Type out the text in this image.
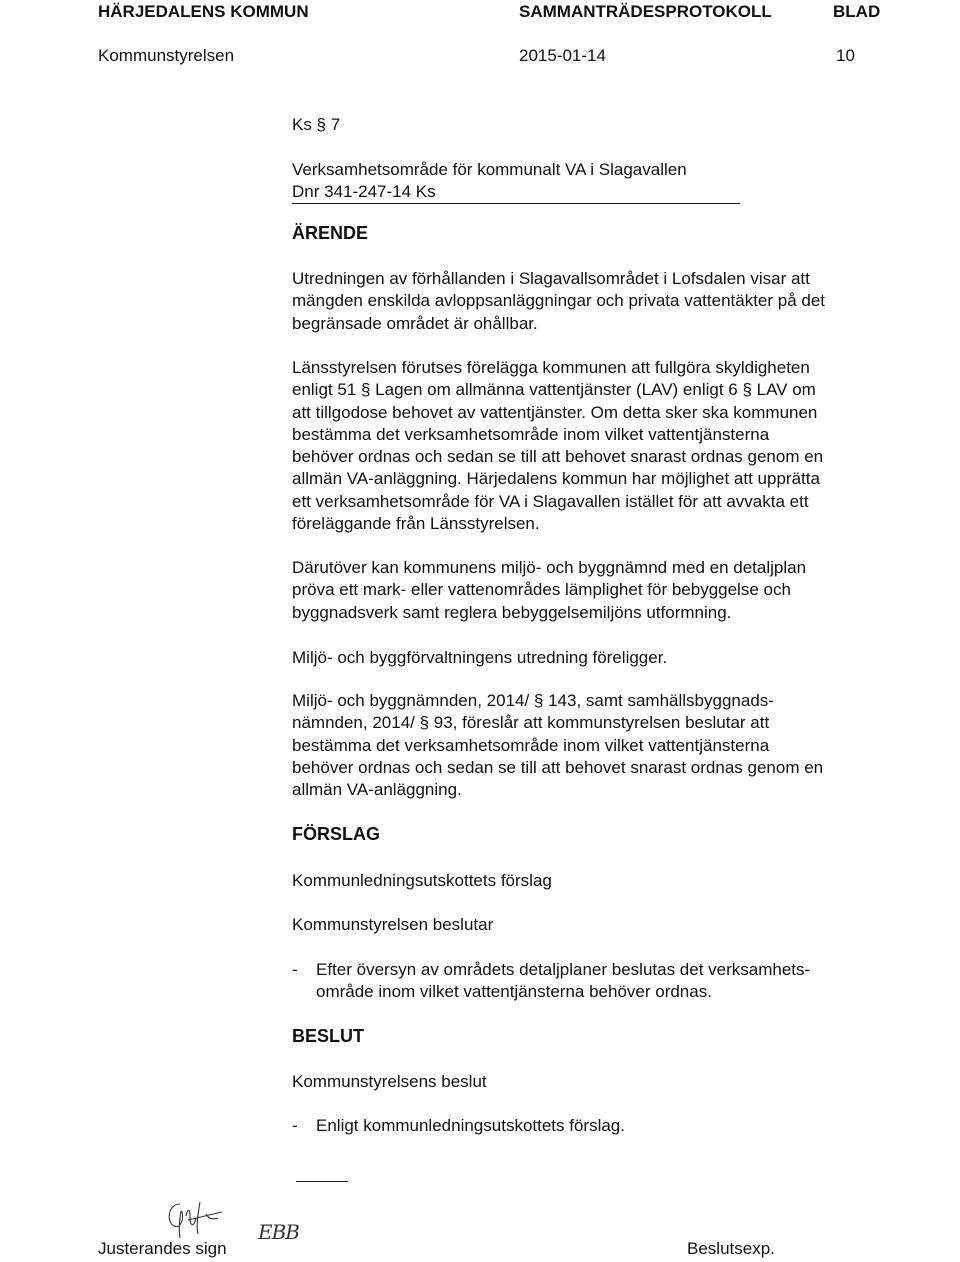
HÄRJEDALENS KOMMUN	SAMMANTRÄDESPROTOKOLL	BLAD
Kommunstyrelsen	2015-01-14	10
Ks § 7
Verksamhetsområde för kommunalt VA i Slagavallen
Dnr 341-247-14 Ks
ÄRENDE
Utredningen av förhållanden i Slagavallsområdet i Lofsdalen visar att
mängden enskilda avloppsanläggningar och privata vattentäkter på det
begränsade området är ohållbar.
Länsstyrelsen förutses förelägga kommunen att fullgöra skyldigheten
enligt 51 § Lagen om allmänna vattentjänster (LAV) enligt 6 § LAV om
att tillgodose behovet av vattentjänster. Om detta sker ska kommunen
bestämma det verksamhetsområde inom vilket vattentjänsterna
behöver ordnas och sedan se till att behovet snarast ordnas genom en
allmän VA-anläggning. Härjedalens kommun har möjlighet att upprätta
ett verksamhetsområde för VA i Slagavallen istället för att avvakta ett
föreläggande från Länsstyrelsen.
Därutöver kan kommunens miljö- och byggnämnd med en detaljplan
pröva ett mark- eller vattenområdes lämplighet för bebyggelse och
byggnadsverk samt reglera bebyggelsemiljöns utformning.
Miljö- och byggförvaltningens utredning föreligger.
Miljö- och byggnämnden, 2014/ § 143, samt samhällsbyggnads-
nämnden, 2014/ § 93, föreslår att kommunstyrelsen beslutar att
bestämma det verksamhetsområde inom vilket vattentjänsterna
behöver ordnas och sedan se till att behovet snarast ordnas genom en
allmän VA-anläggning.
FÖRSLAG
Kommunledningsutskottets förslag
Kommunstyrelsen beslutar
- Efter översyn av områdets detaljplaner beslutas det verksamhets-
område inom vilket vattentjänsterna behöver ordnas.
BESLUT
Kommunstyrelsens beslut
- Enligt kommunledningsutskottets förslag.
EBB
Justerandes sign	Beslutsexp.
